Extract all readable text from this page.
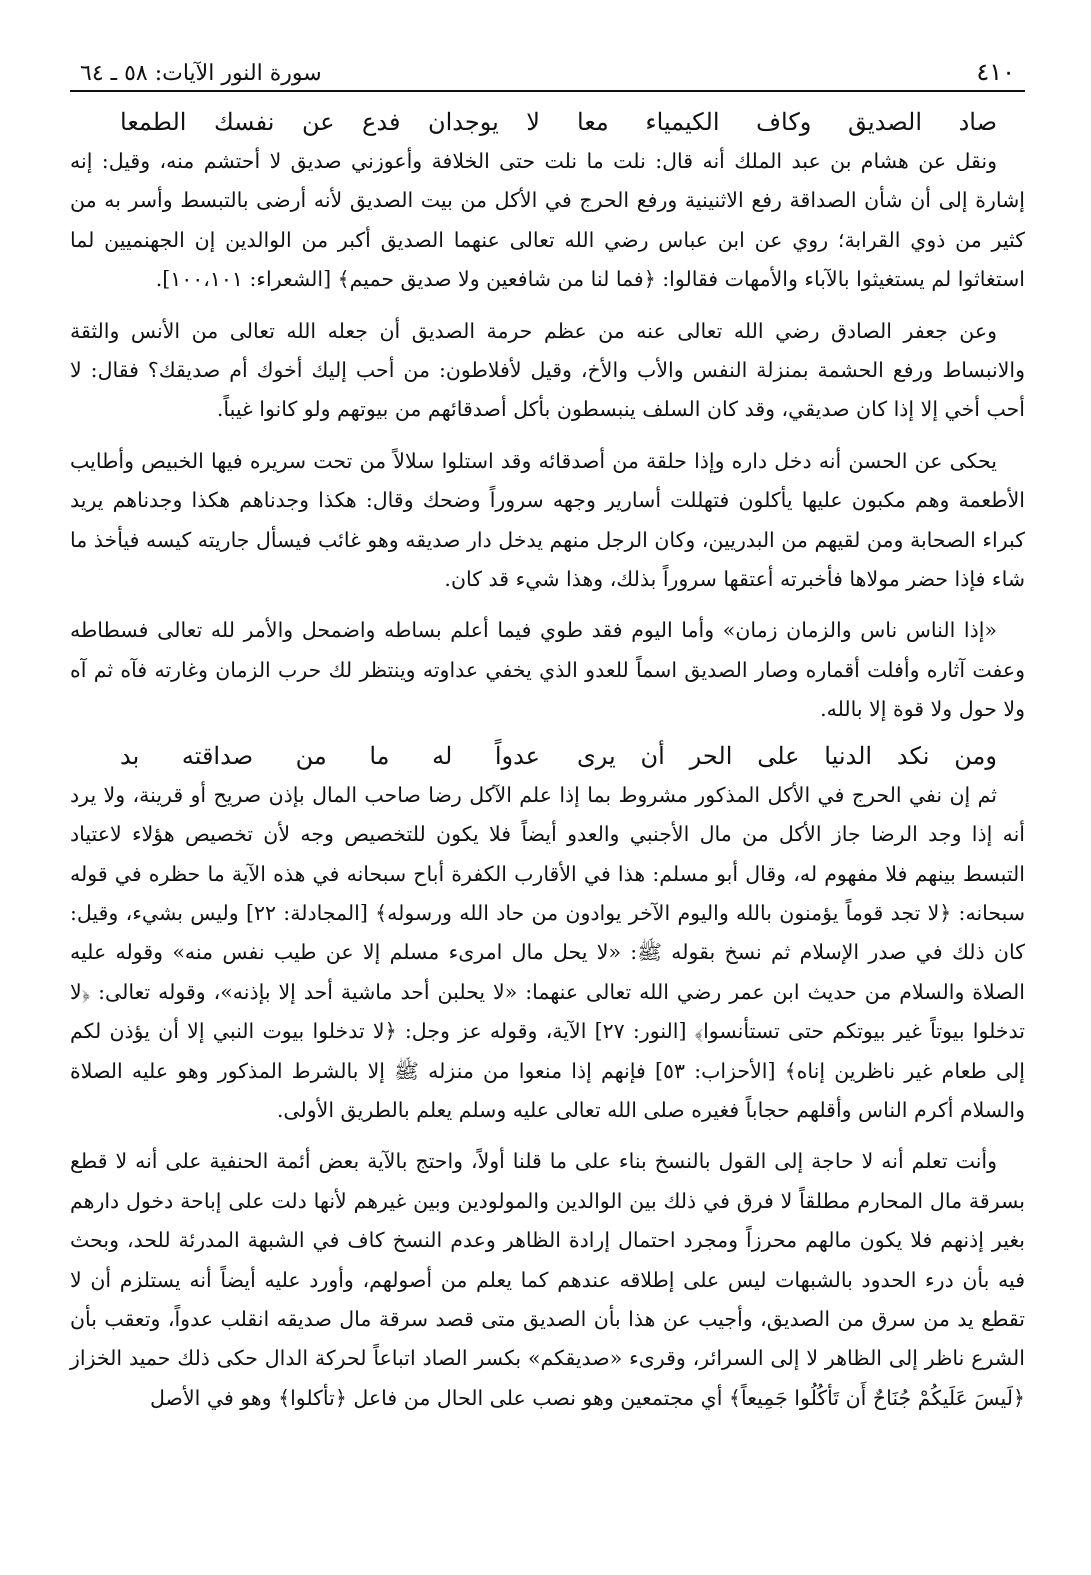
٤١٠
سورة النور الآيات: ٥٨ ـ ٦٤
صاد الصديق وكاف الكيمياء معا
لا يوجدان فدع عن نفسك الطمعا

ونقل عن هشام بن عبد الملك أنه قال: نلت ما نلت حتى الخلافة وأعوزني صديق لا أحتشم منه، وقيل: إنه إشارة إلى أن شأن الصداقة رفع الاثنينية ورفع الحرج في الأكل من بيت الصديق لأنه أرضى بالتبسط وأسر به من كثير من ذوي القرابة؛ روي عن ابن عباس رضي الله تعالى عنهما الصديق أكبر من الوالدين إن الجهنميين لما استغاثوا لم يستغيثوا بالآباء والأمهات فقالوا: ﴿فما لنا من شافعين ولا صديق حميم﴾ [الشعراء: ١٠٠،١٠١].

وعن جعفر الصادق رضي الله تعالى عنه من عظم حرمة الصديق أن جعله الله تعالى من الأنس والثقة والانبساط ورفع الحشمة بمنزلة النفس والأب والأخ، وقيل لأفلاطون: من أحب إليك أخوك أم صديقك؟ فقال: لا أحب أخي إلا إذا كان صديقي، وقد كان السلف ينبسطون بأكل أصدقائهم من بيوتهم ولو كانوا غيباً.

يحكى عن الحسن أنه دخل داره وإذا حلقة من أصدقائه وقد استلوا سلالاً من تحت سريره فيها الخبيص وأطايب الأطعمة وهم مكبون عليها يأكلون فتهللت أسارير وجهه سروراً وضحك وقال: هكذا وجدناهم هكذا وجدناهم يريد كبراء الصحابة ومن لقيهم من البدريين، وكان الرجل منهم يدخل دار صديقه وهو غائب فيسأل جاريته كيسه فيأخذ ما شاء فإذا حضر مولاها فأخبرته أعتقها سروراً بذلك، وهذا شيء قد كان.

«إذا الناس ناس والزمان زمان» وأما اليوم فقد طوي فيما أعلم بساطه واضمحل والأمر لله تعالى فسطاطه وعفت آثاره وأفلت أقماره وصار الصديق اسماً للعدو الذي يخفي عداوته وينتظر لك حرب الزمان وغارته فآه ثم آه ولا حول ولا قوة إلا بالله.

ومن نكد الدنيا على الحر أن يرى
عدواً له ما من صداقته بد

ثم إن نفي الحرج في الأكل المذكور مشروط بما إذا علم الآكل رضا صاحب المال بإذن صريح أو قرينة، ولا يرد أنه إذا وجد الرضا جاز الأكل من مال الأجنبي والعدو أيضاً فلا يكون للتخصيص وجه لأن تخصيص هؤلاء لاعتياد التبسط بينهم فلا مفهوم له، وقال أبو مسلم: هذا في الأقارب الكفرة أباح سبحانه في هذه الآية ما حظره في قوله سبحانه: ﴿لا تجد قوماً يؤمنون بالله واليوم الآخر يوادون من حاد الله ورسوله﴾ [المجادلة: ٢٢] وليس بشيء، وقيل: كان ذلك في صدر الإسلام ثم نسخ بقوله ﷺ: «لا يحل مال امرىء مسلم إلا عن طيب نفس منه» وقوله عليه الصلاة والسلام من حديث ابن عمر رضي الله تعالى عنهما: «لا يحلبن أحد ماشية أحد إلا بإذنه»، وقوله تعالى: ﴿لا تدخلوا بيوتاً غير بيوتكم حتى تستأنسوا﴾ [النور: ٢٧] الآية، وقوله عز وجل: ﴿لا تدخلوا بيوت النبي إلا أن يؤذن لكم إلى طعام غير ناظرين إناه﴾ [الأحزاب: ٥٣] فإنهم إذا منعوا من منزله ﷺ إلا بالشرط المذكور وهو عليه الصلاة والسلام أكرم الناس وأقلهم حجاباً فغيره صلى الله تعالى عليه وسلم يعلم بالطريق الأولى.

وأنت تعلم أنه لا حاجة إلى القول بالنسخ بناء على ما قلنا أولاً، واحتج بالآية بعض أئمة الحنفية على أنه لا قطع بسرقة مال المحارم مطلقاً لا فرق في ذلك بين الوالدين والمولودين وبين غيرهم لأنها دلت على إباحة دخول دارهم بغير إذنهم فلا يكون مالهم محرزاً ومجرد احتمال إرادة الظاهر وعدم النسخ كاف في الشبهة المدرئة للحد، وبحث فيه بأن درء الحدود بالشبهات ليس على إطلاقه عندهم كما يعلم من أصولهم، وأورد عليه أيضاً أنه يستلزم أن لا تقطع يد من سرق من الصديق، وأجيب عن هذا بأن الصديق متى قصد سرقة مال صديقه انقلب عدواً، وتعقب بأن الشرع ناظر إلى الظاهر لا إلى السرائر، وقرىء «صديقكم» بكسر الصاد اتباعاً لحركة الدال حكى ذلك حميد الخزاز ﴿لَيسَ عَلَيكُمْ جُنَاحٌ أَن تَأكُلُوا جَمِيعاً﴾ أي مجتمعين وهو نصب على الحال من فاعل ﴿تأكلوا﴾ وهو في الأصل
